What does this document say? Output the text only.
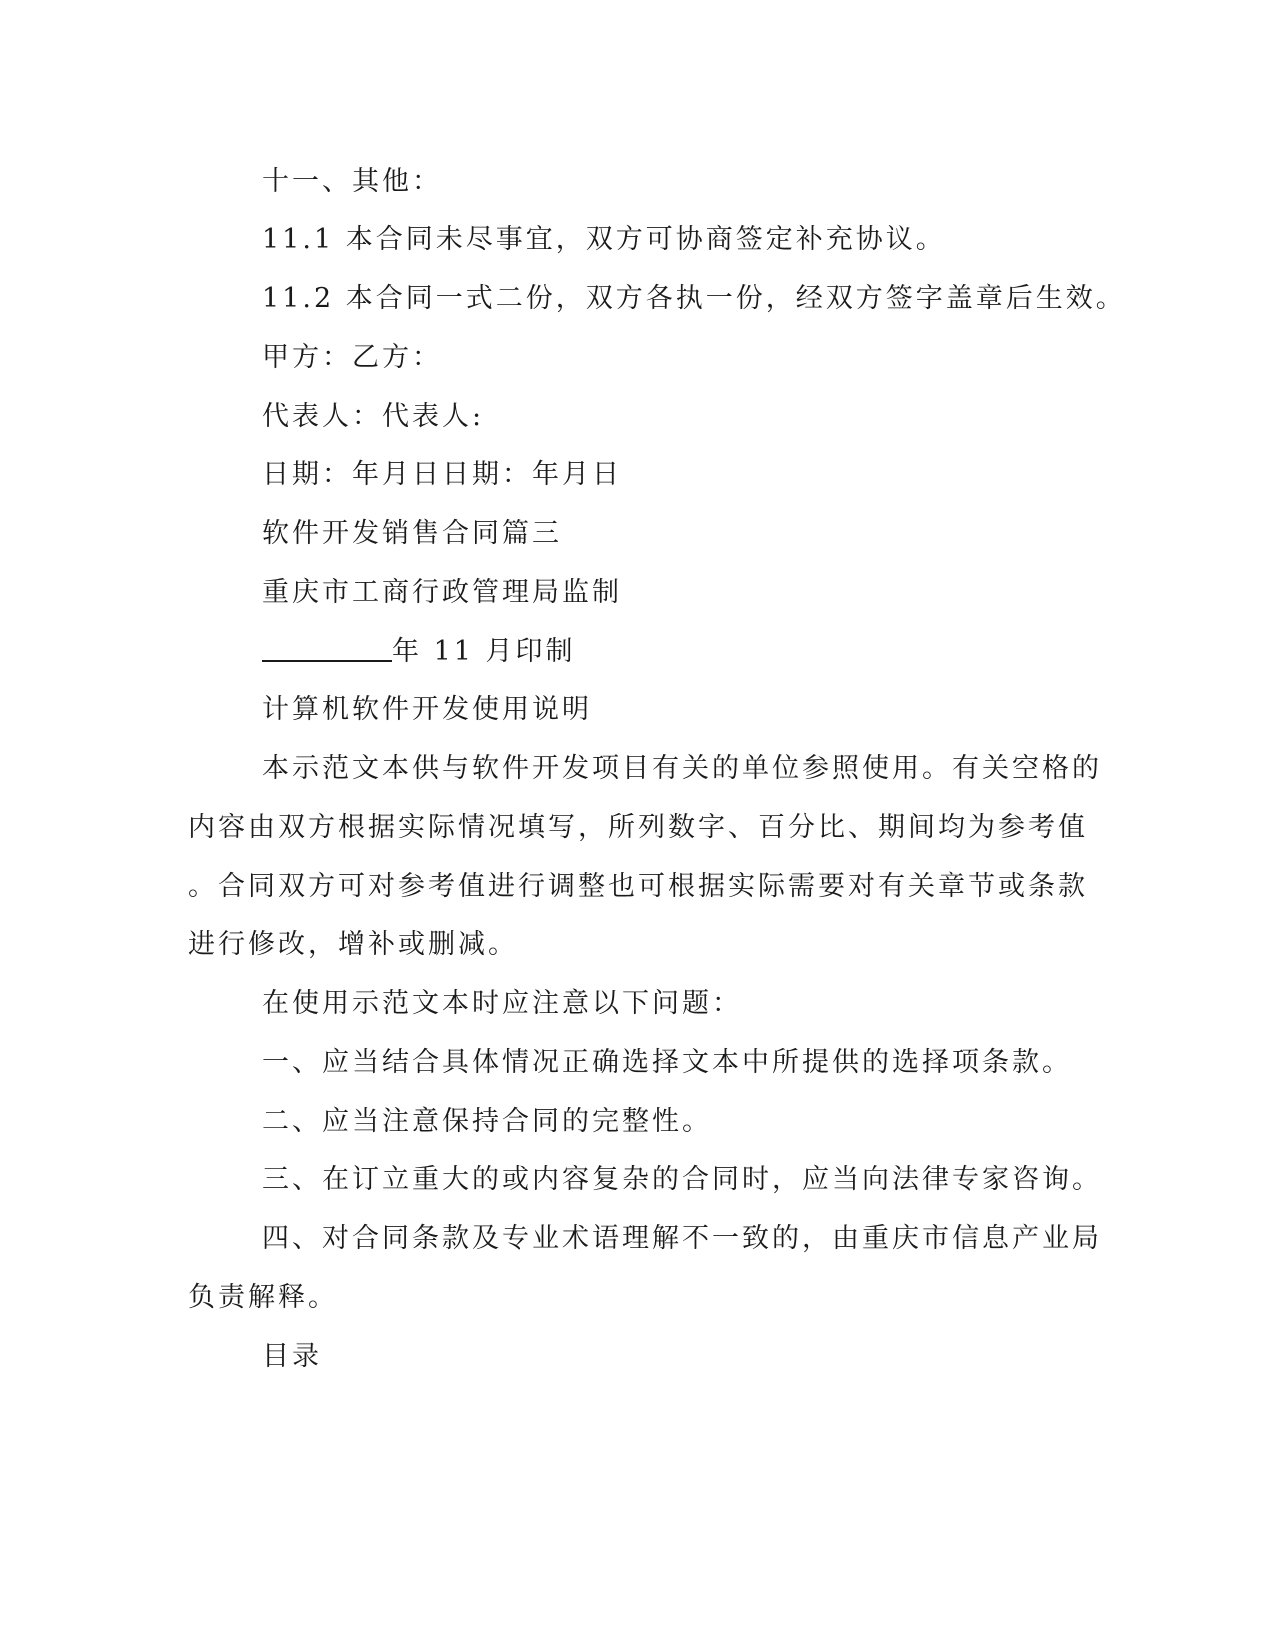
十一、其他：
11.1 本合同未尽事宜，双方可协商签定补充协议。
11.2 本合同一式二份，双方各执一份，经双方签字盖章后生效。
甲方：乙方：
代表人：代表人:
日期：年月日日期：年月日
软件开发销售合同篇三
重庆市工商行政管理局监制
年 11 月印制
计算机软件开发使用说明
本示范文本供与软件开发项目有关的单位参照使用。有关空格的
内容由双方根据实际情况填写，所列数字、百分比、期间均为参考值
。合同双方可对参考值进行调整也可根据实际需要对有关章节或条款
进行修改，增补或删减。
在使用示范文本时应注意以下问题：
一、应当结合具体情况正确选择文本中所提供的选择项条款。
二、应当注意保持合同的完整性。
三、在订立重大的或内容复杂的合同时，应当向法律专家咨询。
四、对合同条款及专业术语理解不一致的，由重庆市信息产业局
负责解释。
目录
